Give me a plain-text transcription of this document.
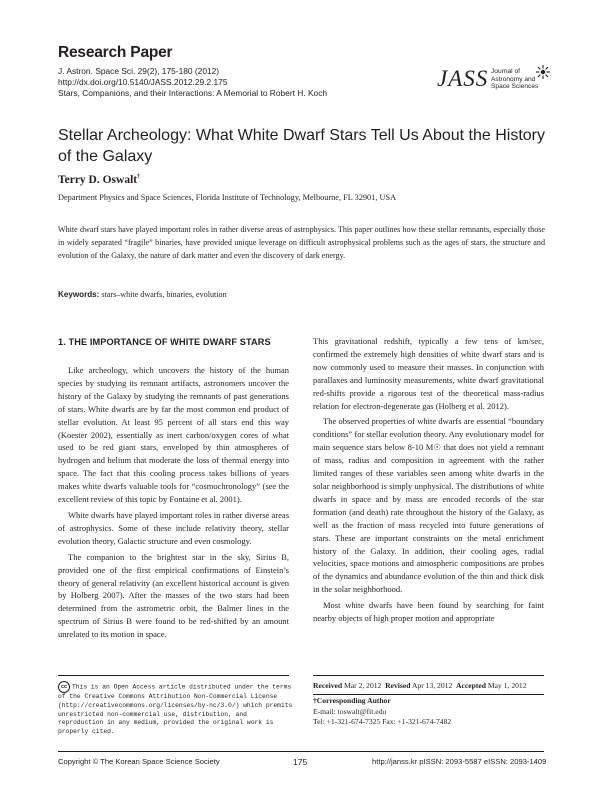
Research Paper
J. Astron. Space Sci. 29(2), 175-180 (2012)
http://dx.doi.org/10.5140/JASS.2012.29.2.175
Stars, Companions, and their Interactions: A Memorial to Robert H. Koch
JASS Journal of
Astronomy and
Space Sciences
Stellar Archeology: What White Dwarf Stars Tell Us About the History of the Galaxy
Terry D. Oswalt†
Department Physics and Space Sciences, Florida Institute of Technology, Melbourne, FL 32901, USA

White dwarf stars have played important roles in rather diverse areas of astrophysics. This paper outlines how these stellar remnants, especially those in widely separated “fragile” binaries, have provided unique leverage on difficult astrophysical problems such as the ages of stars, the structure and evolution of the Galaxy, the nature of dark matter and even the discovery of dark energy.

Keywords: stars–white dwarfs, binaries, evolution
1. THE IMPORTANCE OF WHITE DWARF STARS

Like archeology, which uncovers the history of the human species by studying its remnant artifacts, astronomers uncover the history of the Galaxy by studying the remnants of past generations of stars. White dwarfs are by far the most common end product of stellar evolution. At least 95 percent of all stars end this way (Koester 2002), essentially as inert carbon/oxygen cores of what used to be red giant stars, enveloped by thin atmospheres of hydrogen and helium that moderate the loss of thermal energy into space. The fact that this cooling process takes billions of years makes white dwarfs valuable tools for “cosmochronology” (see the excellent review of this topic by Fontaine et al. 2001).

White dwarfs have played important roles in rather diverse areas of astrophysics. Some of these include relativity theory, stellar evolution theory, Galactic structure and even cosmology.

The companion to the brightest star in the sky, Sirius B, provided one of the first empirical confirmations of Einstein’s theory of general relativity (an excellent historical account is given by Holberg 2007). After the masses of the two stars had been determined from the astrometric orbit, the Balmer lines in the spectrum of Sirius B were found to be red-shifted by an amount unrelated to its motion in space.

This gravitational redshift, typically a few tens of km/sec, confirmed the extremely high densities of white dwarf stars and is now commonly used to measure their masses. In conjunction with parallaxes and luminosity measurements, white dwarf gravitational red-shifts provide a rigorous test of the theoretical mass-radius relation for electron-degenerate gas (Holberg et al. 2012).

The observed properties of white dwarfs are essential “boundary conditions” for stellar evolution theory. Any evolutionary model for main sequence stars below 8-10 M☉ that does not yield a remnant of mass, radius and composition in agreement with the rather limited ranges of these variables seen among white dwarfs in the solar neighborhood is simply unphysical. The distributions of white dwarfs in space and by mass are encoded records of the star formation (and death) rate throughout the history of the Galaxy, as well as the fraction of mass recycled into future generations of stars. These are important constraints on the metal enrichment history of the Galaxy. In addition, their cooling ages, radial velocities, space motions and atmospheric compositions are probes of the dynamics and abundance evolution of the thin and thick disk in the solar neighborhood.

Most white dwarfs have been found by searching for faint nearby objects of high proper motion and appropriate

cc This is an Open Access article distributed under the terms of the Creative Commons Attribution Non-Commercial License (http://creativecommons.org/licenses/by-nc/3.0/) which premits unrestricted non-commercial use, distribution, and reproduction in any medium, provided the original work is properly cited.
Received Mar 2, 2012 Revised Apr 13, 2012 Accepted May 1, 2012
†Corresponding Author
E-mail: toswalt@fit.edu
Tel: +1-321-674-7325 Fax: +1-321-674-7482
Copyright © The Korean Space Science Society	175	http://janss.kr pISSN: 2093-5587 eISSN: 2093-1409
